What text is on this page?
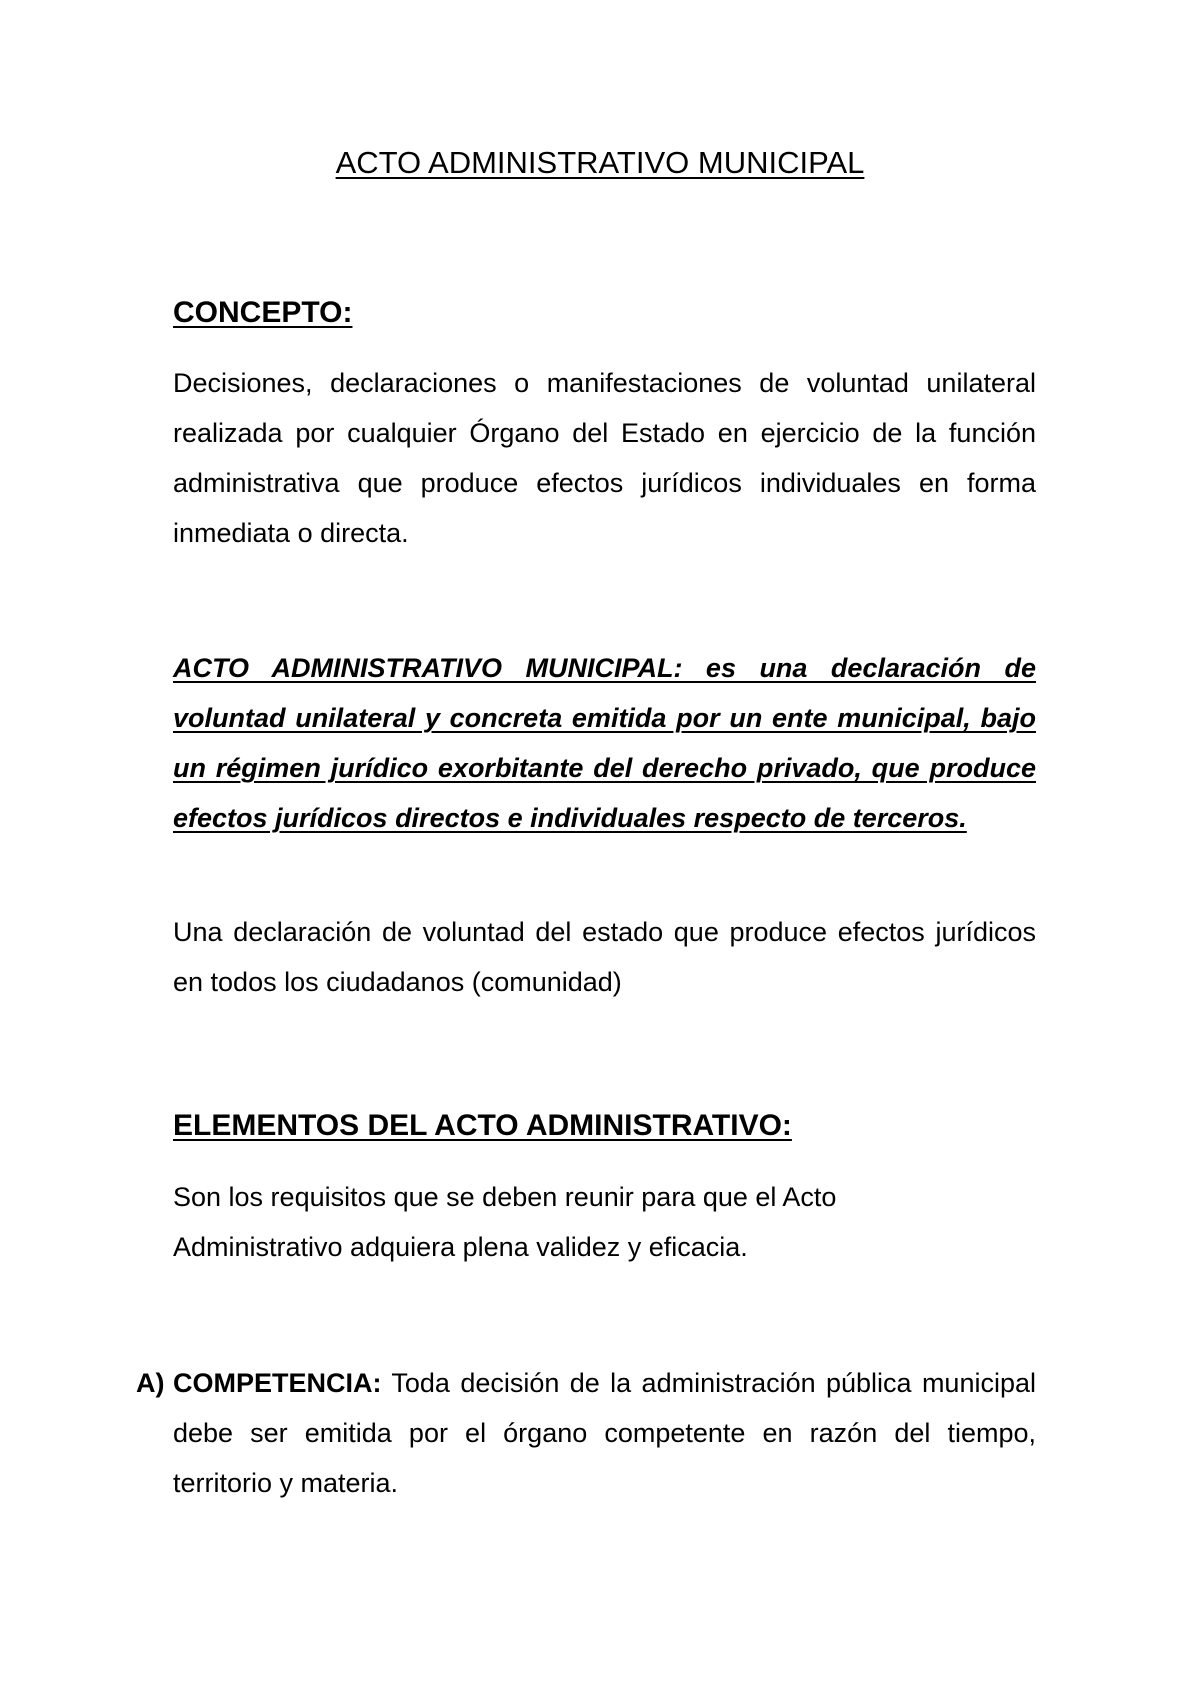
ACTO ADMINISTRATIVO MUNICIPAL
CONCEPTO:
Decisiones, declaraciones o manifestaciones de voluntad unilateral realizada por cualquier Órgano del Estado en ejercicio de la función administrativa que produce efectos jurídicos individuales en forma inmediata o directa.
ACTO ADMINISTRATIVO MUNICIPAL: es una declaración de voluntad unilateral y concreta emitida por un ente municipal, bajo un régimen jurídico exorbitante del derecho privado, que produce efectos jurídicos directos e individuales respecto de terceros.
Una declaración de voluntad del estado que produce efectos jurídicos en todos los ciudadanos (comunidad)
ELEMENTOS DEL ACTO ADMINISTRATIVO:
Son los requisitos que se deben reunir para que el Acto Administrativo adquiera plena validez y eficacia.
A) COMPETENCIA: Toda decisión de la administración pública municipal debe ser emitida por el órgano competente en razón del tiempo, territorio y materia.
